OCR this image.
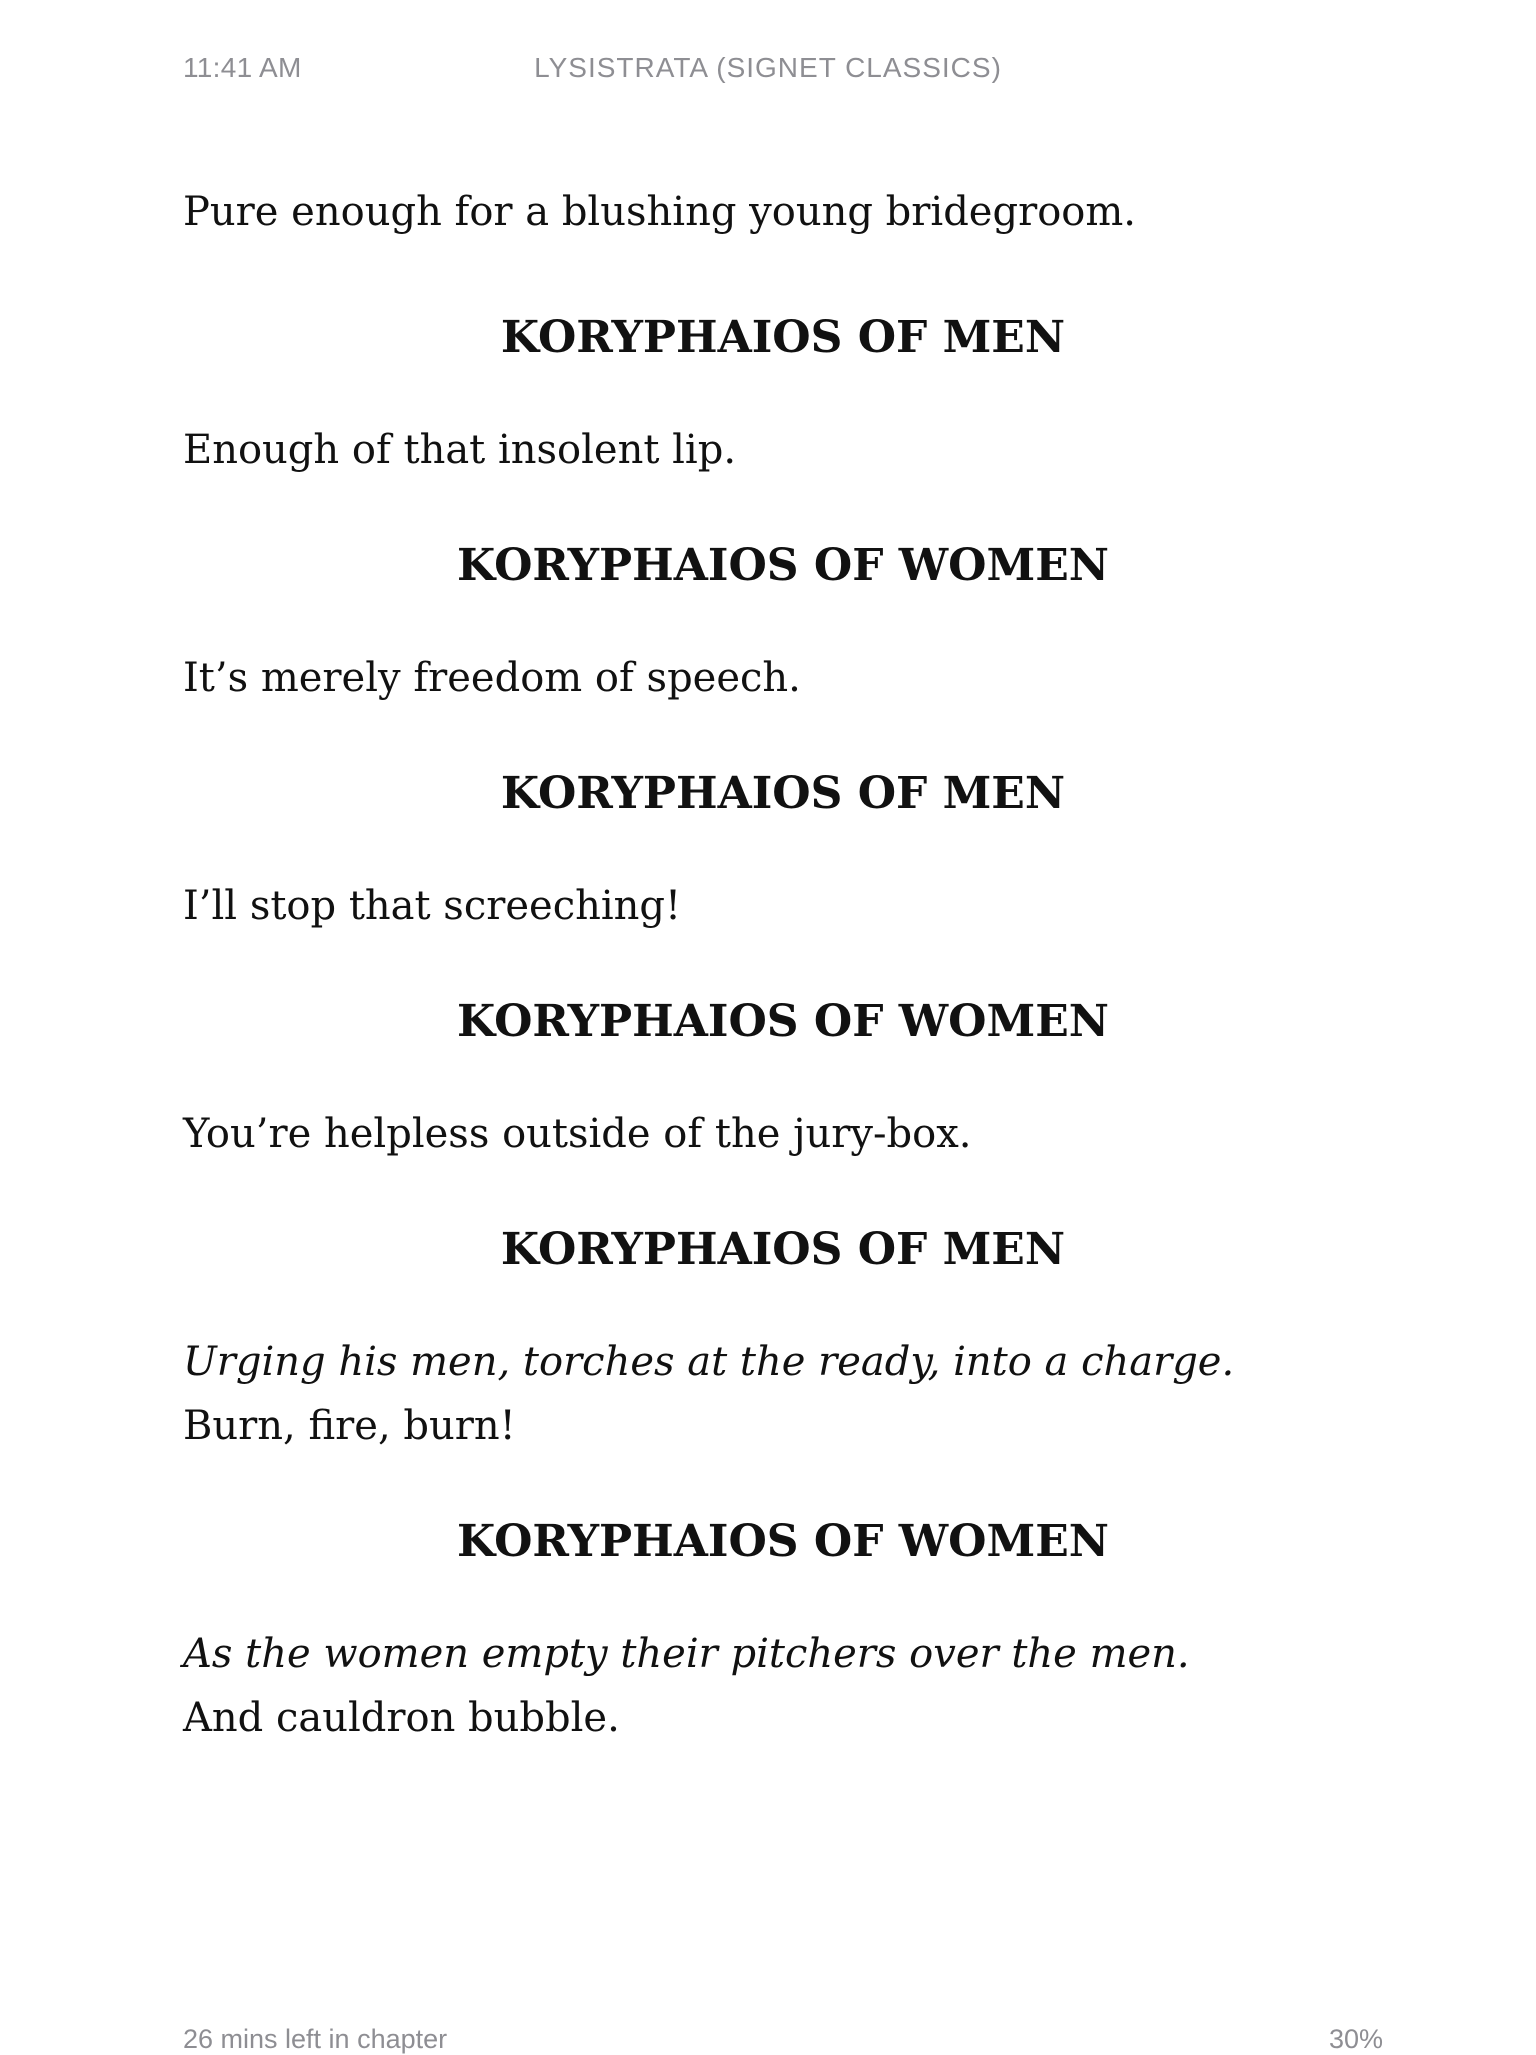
11:41 AM	LYSISTRATA (SIGNET CLASSICS)

Pure enough for a blushing young bridegroom.

KORYPHAIOS OF MEN

Enough of that insolent lip.

KORYPHAIOS OF WOMEN

It’s merely freedom of speech.

KORYPHAIOS OF MEN

I’ll stop that screeching!

KORYPHAIOS OF WOMEN

You’re helpless outside of the jury-box.

KORYPHAIOS OF MEN

Urging his men, torches at the ready, into a charge.

Burn, fire, burn!

KORYPHAIOS OF WOMEN

As the women empty their pitchers over the men.

And cauldron bubble.

26 mins left in chapter	30%
